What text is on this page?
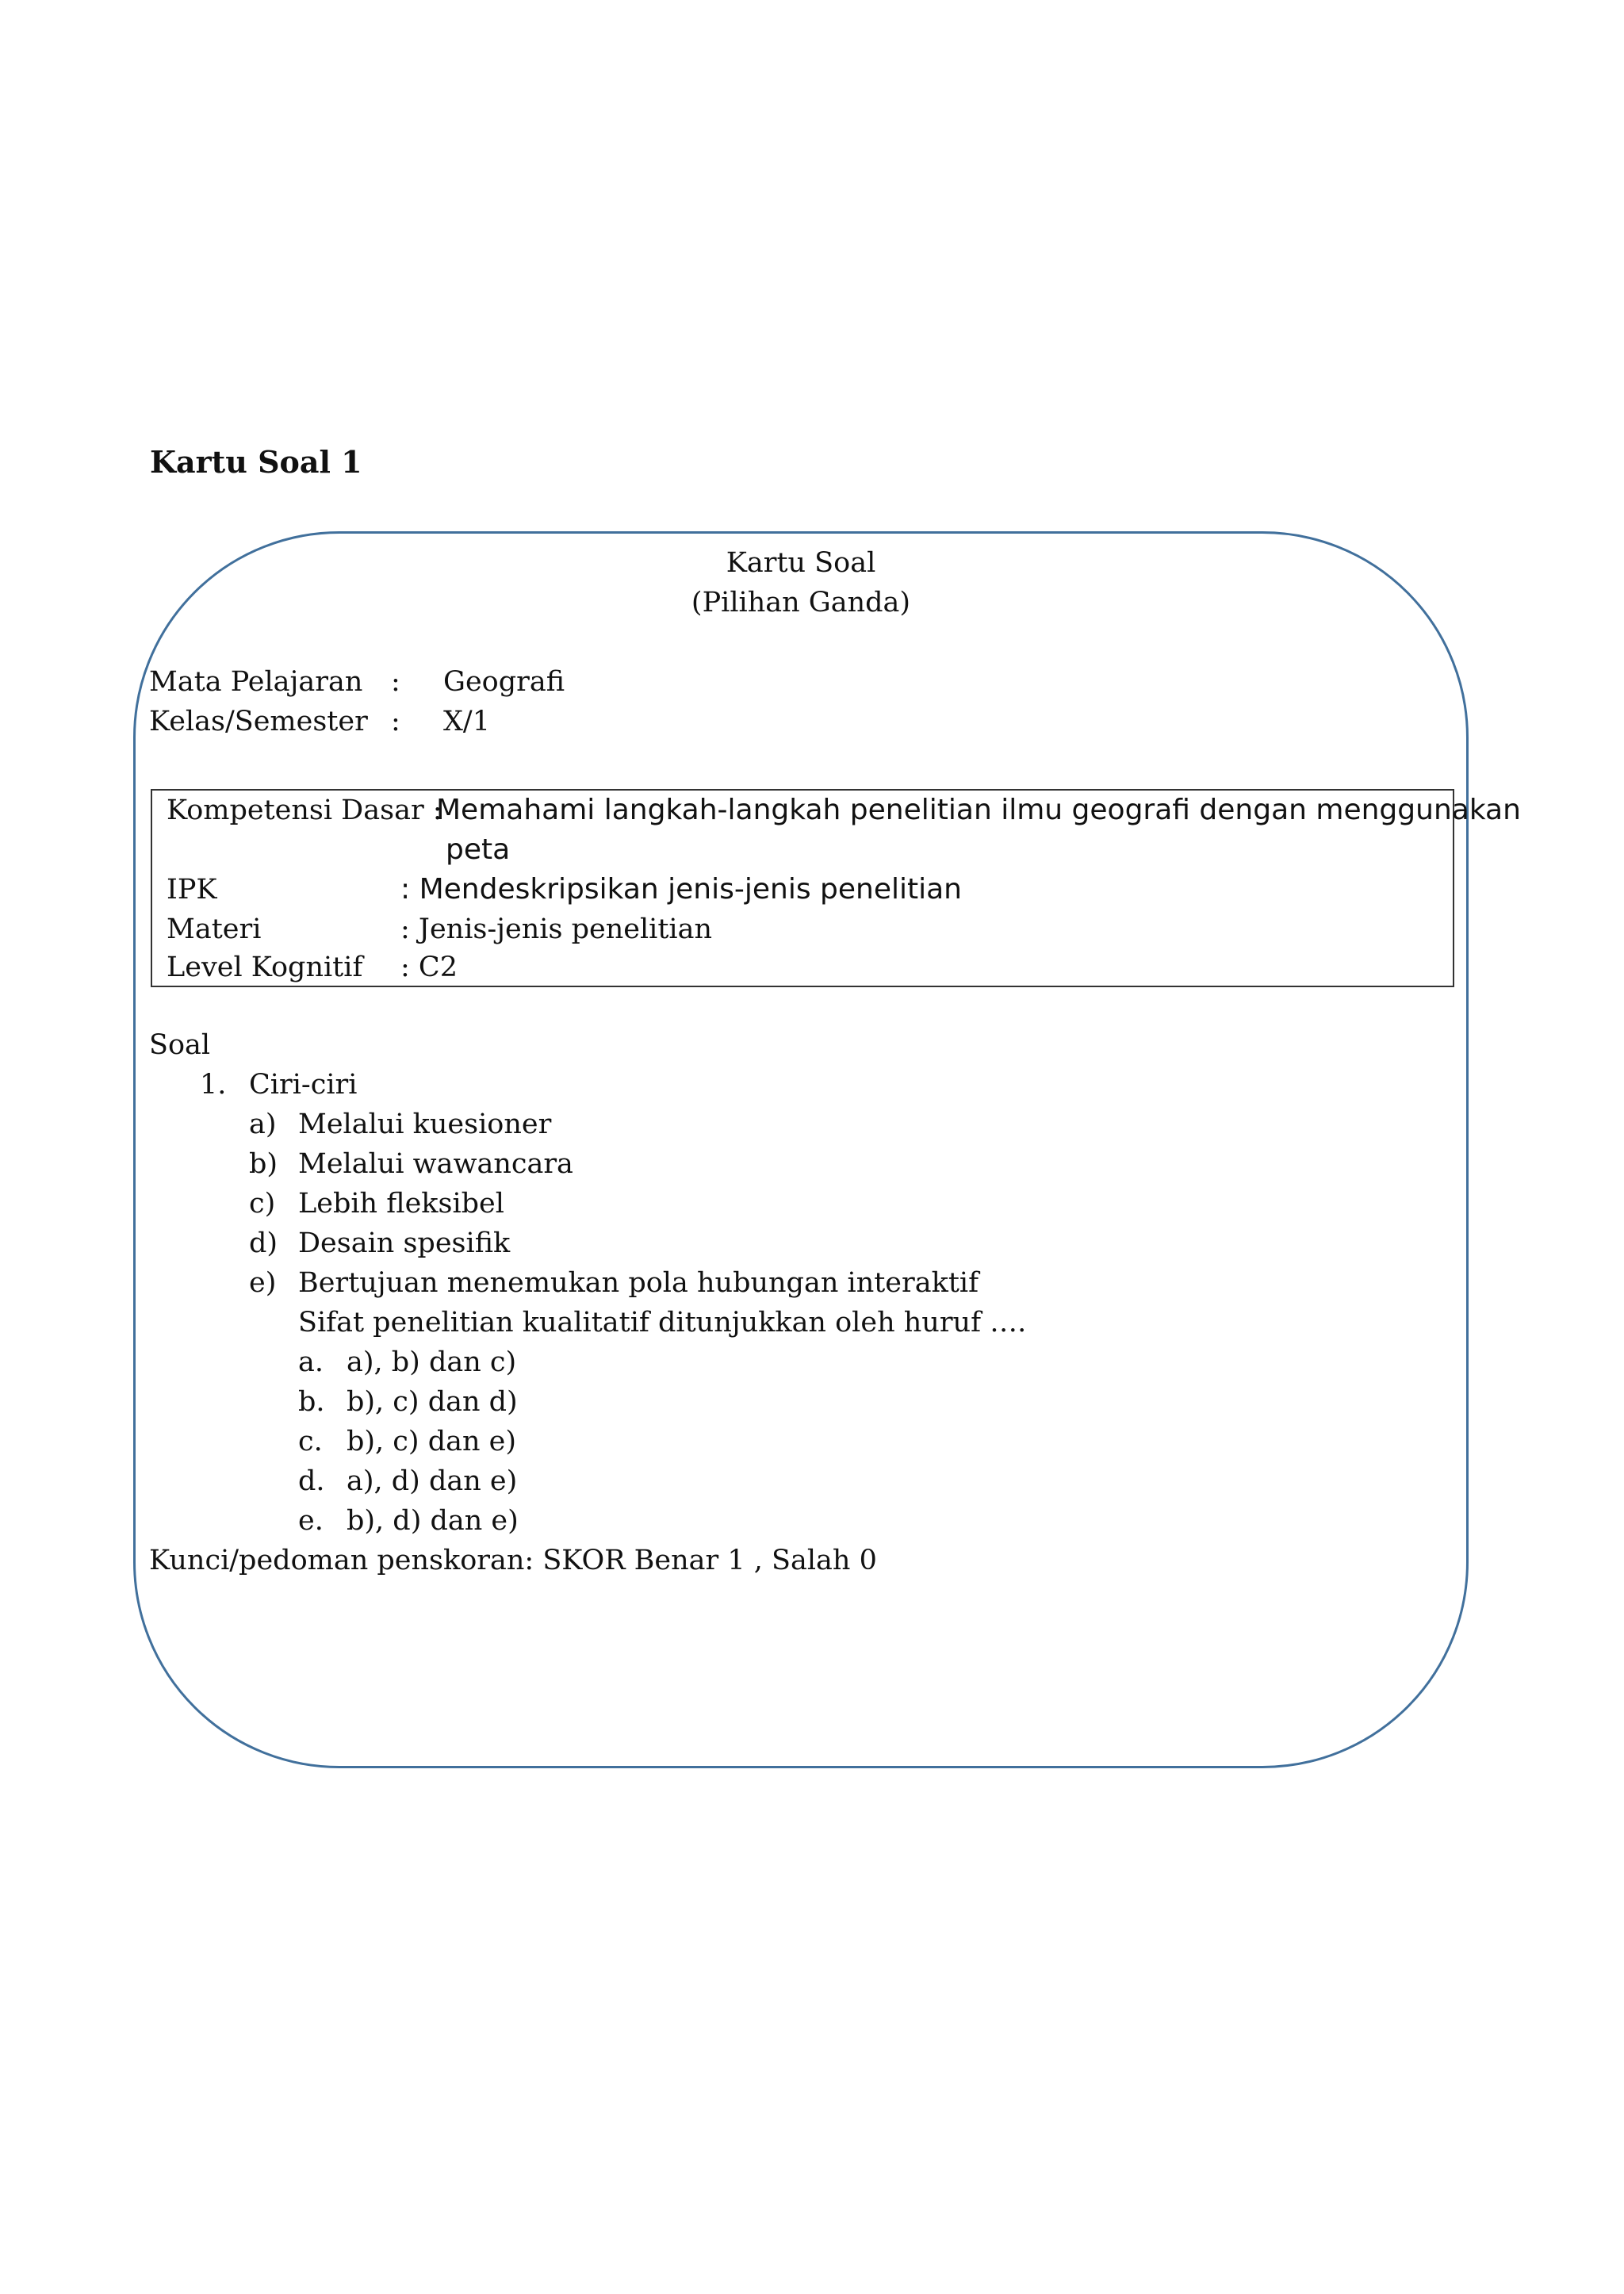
Kartu Soal 1
Kartu Soal
(Pilihan Ganda)
Mata Pelajaran : Geografi
Kelas/Semester : X/1
Kompetensi Dasar :
Memahami langkah-langkah penelitian ilmu geografi dengan menggunakan
peta
IPK	: Mendeskripsikan jenis-jenis penelitian
Materi	: Jenis-jenis penelitian
Level Kognitif : C2
Soal
1. Ciri-ciri
a) Melalui kuesioner
b) Melalui wawancara
c) Lebih fleksibel
d) Desain spesifik
e) Bertujuan menemukan pola hubungan interaktif
Sifat penelitian kualitatif ditunjukkan oleh huruf ….
a. a), b) dan c)
b. b), c) dan d)
c. b), c) dan e)
d. a), d) dan e)
e. b), d) dan e)
Kunci/pedoman penskoran: SKOR Benar 1 , Salah 0
